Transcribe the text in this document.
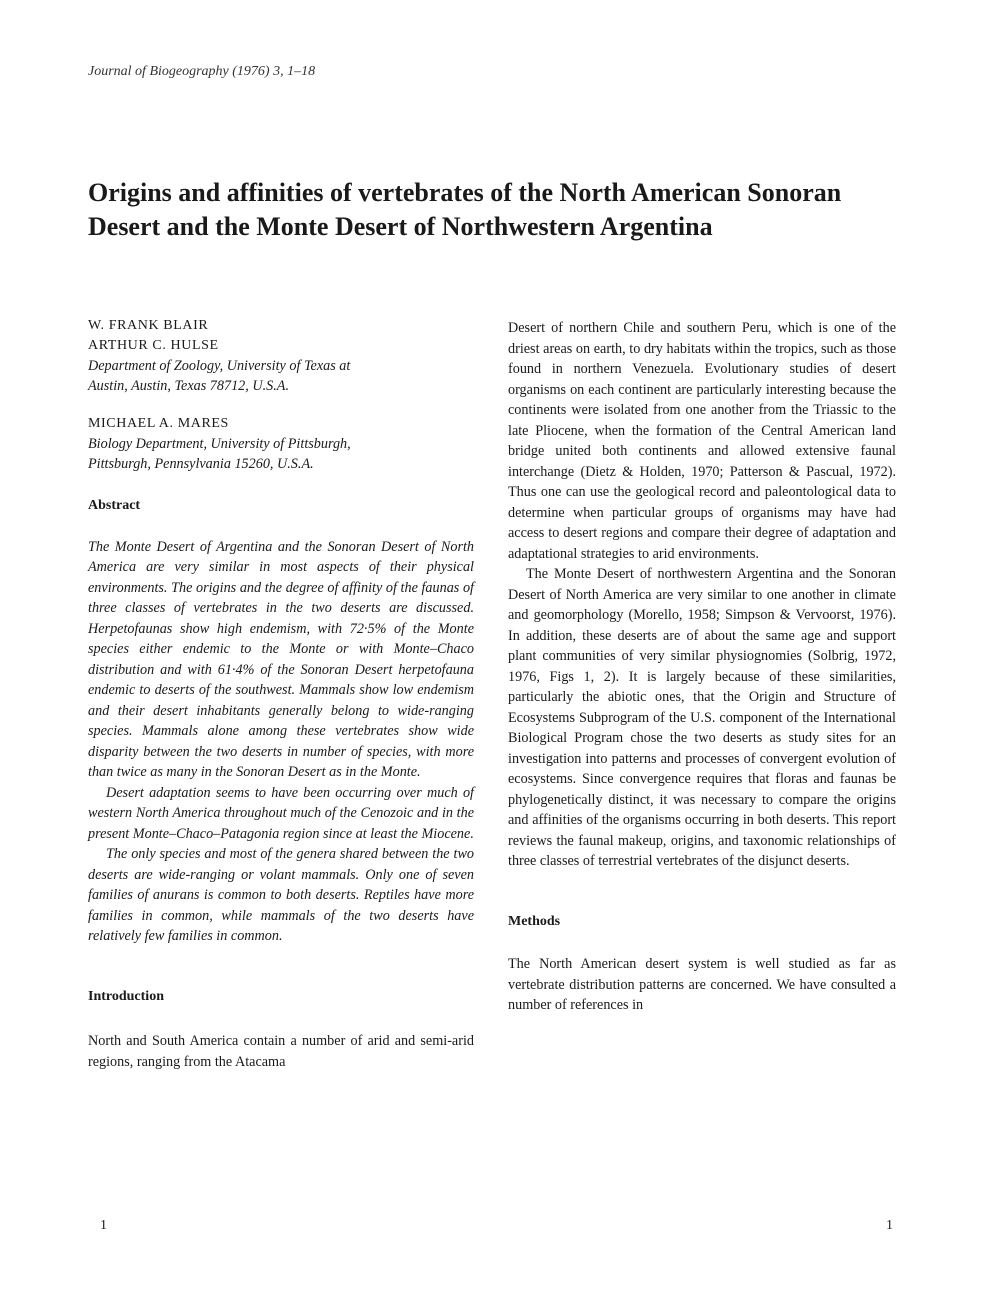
Journal of Biogeography (1976) 3, 1–18
Origins and affinities of vertebrates of the North American Sonoran Desert and the Monte Desert of Northwestern Argentina
W. FRANK BLAIR
ARTHUR C. HULSE

Department of Zoology, University of Texas at
Austin, Austin, Texas 78712, U.S.A.

MICHAEL A. MARES

Biology Department, University of Pittsburgh,
Pittsburgh, Pennsylvania 15260, U.S.A.

Abstract

The Monte Desert of Argentina and the Sonoran Desert of North America are very similar in most aspects of their physical environments. The origins and the degree of affinity of the faunas of three classes of vertebrates in the two deserts are discussed. Herpetofaunas show high endemism, with 72·5% of the Monte species either endemic to the Monte or with Monte–Chaco distribution and with 61·4% of the Sonoran Desert herpetofauna endemic to deserts of the southwest. Mammals show low endemism and their desert inhabitants generally belong to wide-ranging species. Mammals alone among these vertebrates show wide disparity between the two deserts in number of species, with more than twice as many in the Sonoran Desert as in the Monte.

Desert adaptation seems to have been occurring over much of western North America throughout much of the Cenozoic and in the present Monte–Chaco–Patagonia region since at least the Miocene.

The only species and most of the genera shared between the two deserts are wide-ranging or volant mammals. Only one of seven families of anurans is common to both deserts. Reptiles have more families in common, while mammals of the two deserts have relatively few families in common.

Introduction

North and South America contain a number of arid and semi-arid regions, ranging from the Atacama

Desert of northern Chile and southern Peru, which is one of the driest areas on earth, to dry habitats within the tropics, such as those found in northern Venezuela. Evolutionary studies of desert organisms on each continent are particularly interesting because the continents were isolated from one another from the Triassic to the late Pliocene, when the formation of the Central American land bridge united both continents and allowed extensive faunal interchange (Dietz & Holden, 1970; Patterson & Pascual, 1972). Thus one can use the geological record and paleontological data to determine when particular groups of organisms may have had access to desert regions and compare their degree of adaptation and adaptational strategies to arid environments.

The Monte Desert of northwestern Argentina and the Sonoran Desert of North America are very similar to one another in climate and geomorphology (Morello, 1958; Simpson & Vervoorst, 1976). In addition, these deserts are of about the same age and support plant communities of very similar physiognomies (Solbrig, 1972, 1976, Figs 1, 2). It is largely because of these similarities, particularly the abiotic ones, that the Origin and Structure of Ecosystems Subprogram of the U.S. component of the International Biological Program chose the two deserts as study sites for an investigation into patterns and processes of convergent evolution of ecosystems. Since convergence requires that floras and faunas be phylogenetically distinct, it was necessary to compare the origins and affinities of the organisms occurring in both deserts. This report reviews the faunal makeup, origins, and taxonomic relationships of three classes of terrestrial vertebrates of the disjunct deserts.

Methods

The North American desert system is well studied as far as vertebrate distribution patterns are concerned. We have consulted a number of references in

1	1
